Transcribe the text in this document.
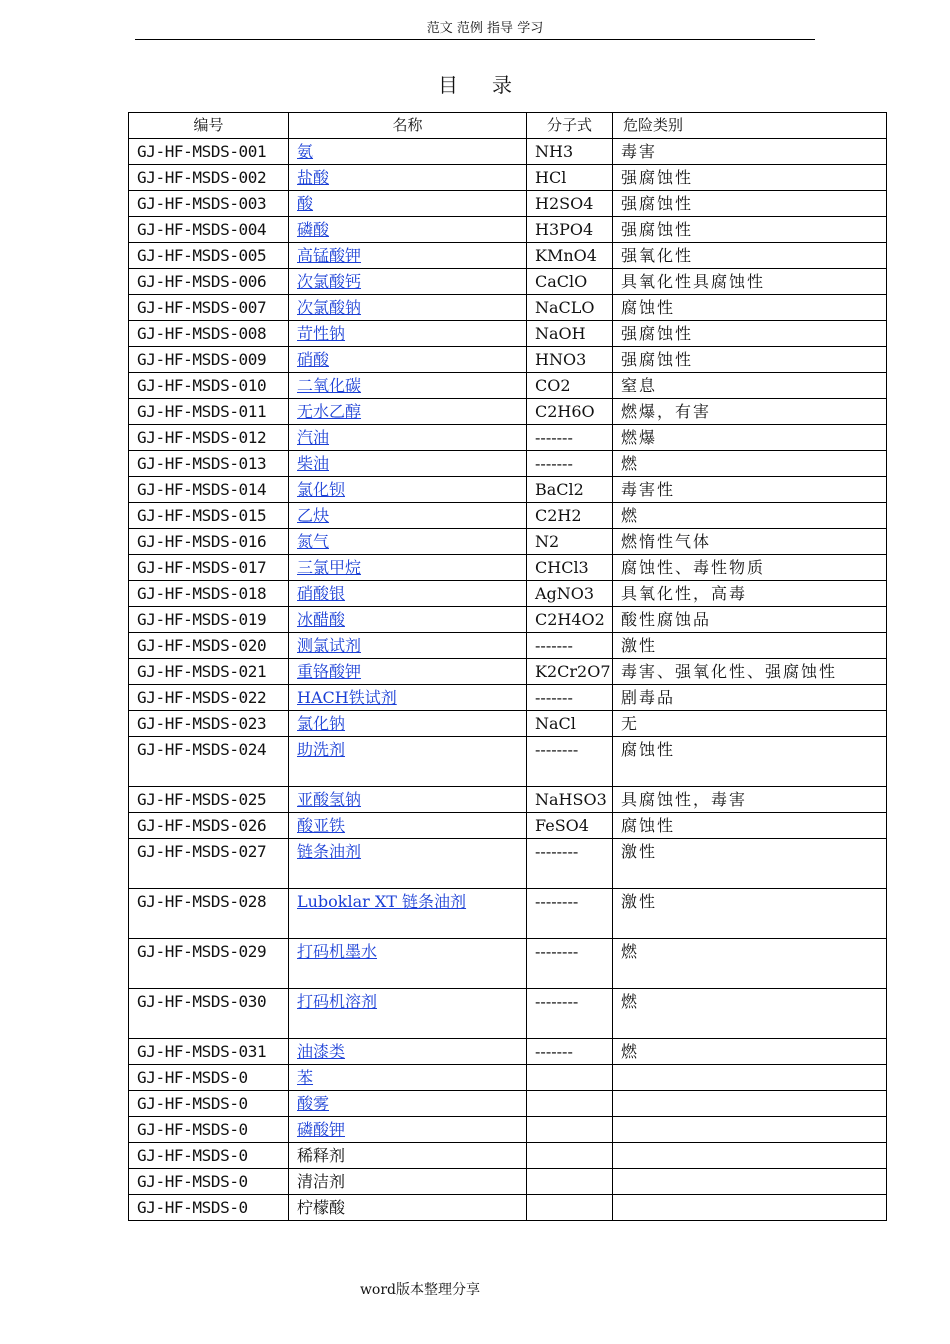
范文 范例 指导 学习
目录
编号	名称	分子式	危险类别
GJ-HF-MSDS-001	氨	NH3	毒害
GJ-HF-MSDS-002	盐酸	HCl	强腐蚀性
GJ-HF-MSDS-003	酸	H2SO4	强腐蚀性
GJ-HF-MSDS-004	磷酸	H3PO4	强腐蚀性
GJ-HF-MSDS-005	高锰酸钾	KMnO4	强氧化性
GJ-HF-MSDS-006	次氯酸钙	CaClO	具氧化性具腐蚀性
GJ-HF-MSDS-007	次氯酸钠	NaCLO	腐蚀性
GJ-HF-MSDS-008	苛性钠	NaOH	强腐蚀性
GJ-HF-MSDS-009	硝酸	HNO3	强腐蚀性
GJ-HF-MSDS-010	二氧化碳	CO2	窒息
GJ-HF-MSDS-011	无水乙醇	C2H6O	燃爆，有害
GJ-HF-MSDS-012	汽油	-------	燃爆
GJ-HF-MSDS-013	柴油	-------	燃
GJ-HF-MSDS-014	氯化钡	BaCl2	毒害性
GJ-HF-MSDS-015	乙炔	C2H2	燃
GJ-HF-MSDS-016	氮气	N2	燃惰性气体
GJ-HF-MSDS-017	三氯甲烷	CHCl3	腐蚀性、毒性物质
GJ-HF-MSDS-018	硝酸银	AgNO3	具氧化性，高毒
GJ-HF-MSDS-019	冰醋酸	C2H4O2	酸性腐蚀品
GJ-HF-MSDS-020	测氯试剂	-------	激性
GJ-HF-MSDS-021	重铬酸钾	K2Cr2O7	毒害、强氧化性、强腐蚀性
GJ-HF-MSDS-022	HACH铁试剂	-------	剧毒品
GJ-HF-MSDS-023	氯化钠	NaCl	无
GJ-HF-MSDS-024	助洗剂	--------	腐蚀性
GJ-HF-MSDS-025	亚酸氢钠	NaHSO3	具腐蚀性，毒害
GJ-HF-MSDS-026	酸亚铁	FeSO4	腐蚀性
GJ-HF-MSDS-027	链条油剂	--------	激性
GJ-HF-MSDS-028	Luboklar XT 链条油剂	--------	激性
GJ-HF-MSDS-029	打码机墨水	--------	燃
GJ-HF-MSDS-030	打码机溶剂	--------	燃
GJ-HF-MSDS-031	油漆类	-------	燃
GJ-HF-MSDS-0	苯		
GJ-HF-MSDS-0	酸雾		
GJ-HF-MSDS-0	磷酸钾		
GJ-HF-MSDS-0	稀释剂		
GJ-HF-MSDS-0	清洁剂		
GJ-HF-MSDS-0	柠檬酸		
word版本整理分享
